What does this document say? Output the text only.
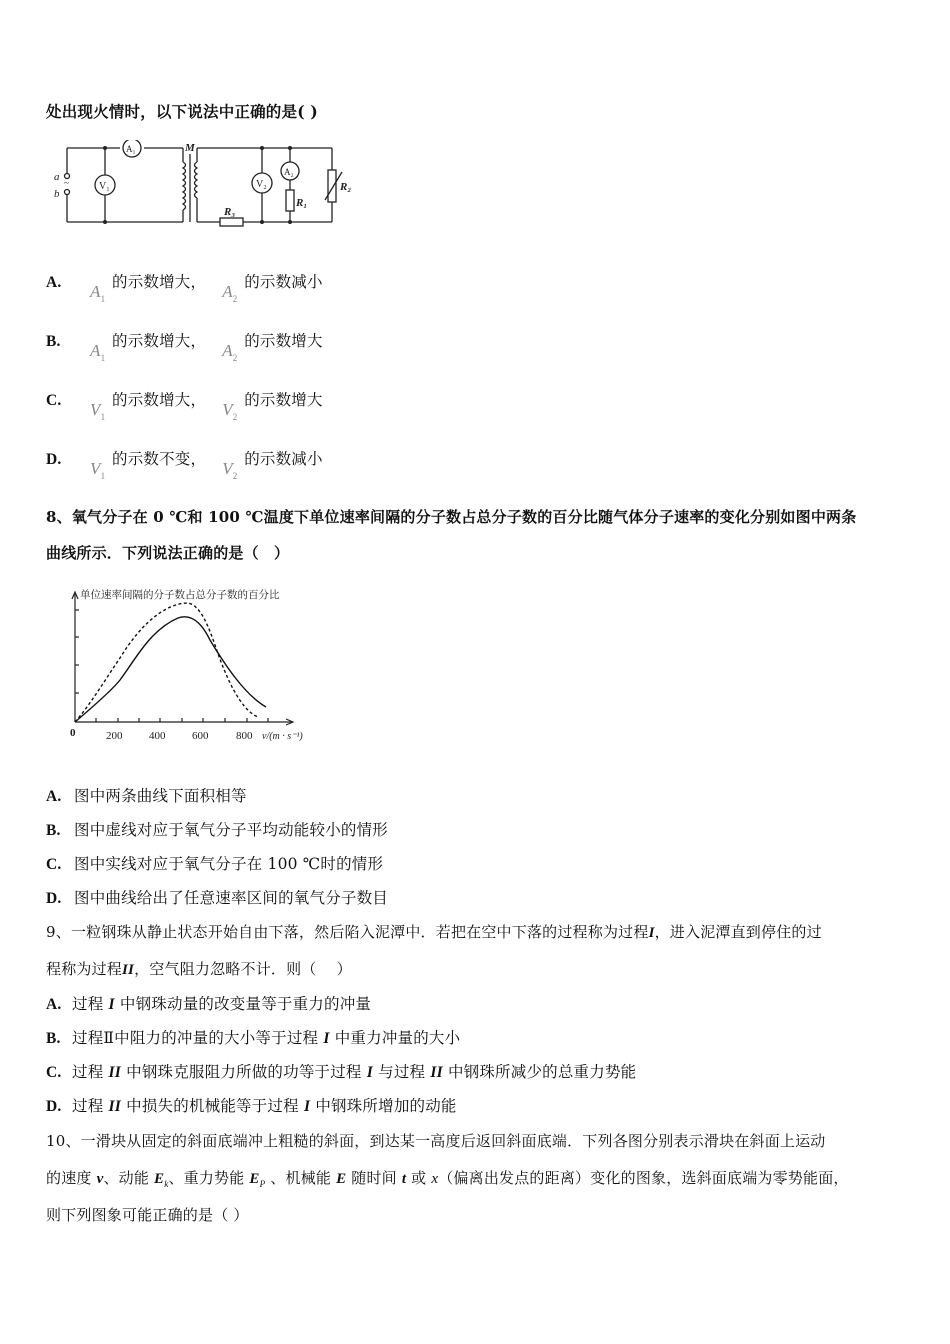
处出现火情时，以下说法中正确的是( )
a
b
~
M
A₁
V₁	V₂
A₂
R₁
R₂
R₃
A. $A_1$的示数增大， $A_2$的示数减小
B. $A_1$的示数增大， $A_2$的示数增大
C. $V_1$的示数增大， $V_2$的示数增大
D. $V_1$的示数不变， $V_2$的示数减小
8、氧气分子在 0 ℃和 100 ℃温度下单位速率间隔的分子数占总分子数的百分比随气体分子速率的变化分别如图中两条
曲线所示．下列说法正确的是（　）
单位速率间隔的分子数占总分子数的百分比
0	200 400 600	800 v/(m · s⁻¹)
A. 图中两条曲线下面积相等
B. 图中虚线对应于氧气分子平均动能较小的情形
C. 图中实线对应于氧气分子在 100 ℃时的情形
D. 图中曲线给出了任意速率区间的氧气分子数目
9、一粒钢珠从静止状态开始自由下落，然后陷入泥潭中．若把在空中下落的过程称为过程I，进入泥潭直到停住的过
程称为过程II，空气阻力忽略不计．则（　 ）
A. 过程 I 中钢珠动量的改变量等于重力的冲量
B. 过程Ⅱ中阻力的冲量的大小等于过程 I 中重力冲量的大小
C. 过程 II 中钢珠克服阻力所做的功等于过程 I 与过程 II 中钢珠所减少的总重力势能
D. 过程 II 中损失的机械能等于过程 I 中钢珠所增加的动能
10、一滑块从固定的斜面底端冲上粗糙的斜面，到达某一高度后返回斜面底端．下列各图分别表示滑块在斜面上运动
的速度 v、动能 $E_k$、重力势能 $E_P$ 、机械能 E 随时间 t 或 x（偏离出发点的距离）变化的图象，选斜面底端为零势能面，
则下列图象可能正确的是（ ）
